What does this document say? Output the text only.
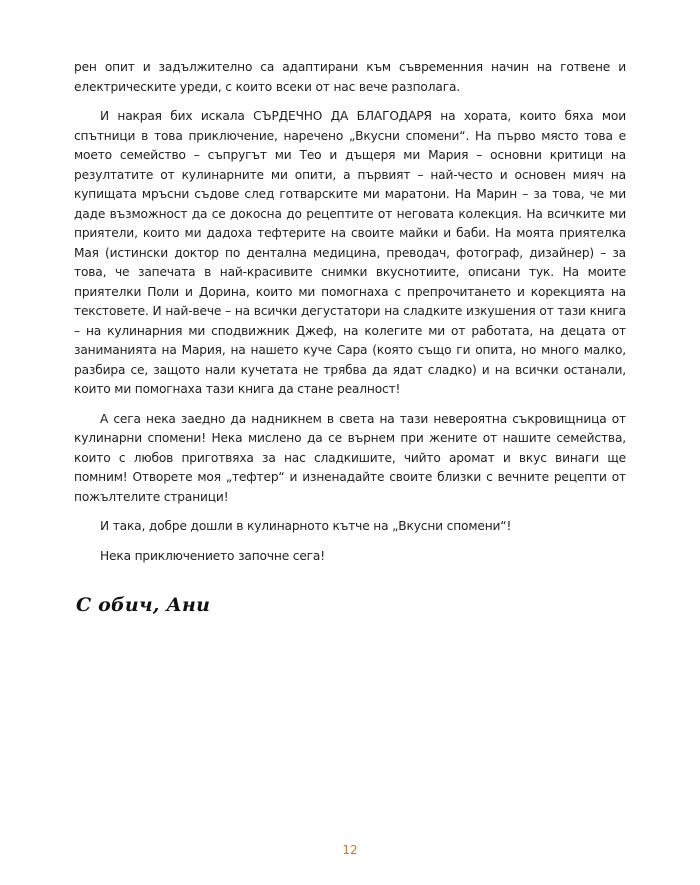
рен опит и задължително са адаптирани към съвременния начин на готвене и електрическите уреди, с които всеки от нас вече разполага.

И накрая бих искала СЪРДЕЧНО ДА БЛАГОДАРЯ на хората, които бяха мои спътници в това приключение, наречено „Вкусни спомени“. На първо място това е моето семейство – съпругът ми Тео и дъщеря ми Мария – основни критици на резултатите от кулинарните ми опити, а първият – най-често и основен мияч на купищата мръсни съдове след готварските ми маратони. На Марин – за това, че ми даде възможност да се докосна до рецептите от неговата колекция. На всичките ми приятели, които ми дадоха тефтерите на своите майки и баби. На моята приятелка Мая (истински доктор по дентална медицина, преводач, фотограф, дизайнер) – за това, че запечата в най-красивите снимки вкуснотиите, описани тук. На моите приятелки Поли и Дорина, които ми помогнаха с препрочитането и корекцията на текстовете. И най-вече – на всички дегустатори на сладките изкушения от тази книга – на кулинарния ми сподвижник Джеф, на колегите ми от работата, на децата от заниманията на Мария, на нашето куче Сара (която също ги опита, но много малко, разбира се, защото нали кучетата не трябва да ядат сладко) и на всички останали, които ми помогнаха тази книга да стане реалност!

А сега нека заедно да надникнем в света на тази невероятна съкровищница от кулинарни спомени! Нека мислено да се върнем при жените от нашите семейства, които с любов приготвяха за нас сладкишите, чийто аромат и вкус винаги ще помним! Отворете моя „тефтер“ и изненадайте своите близки с вечните рецепти от пожълтелите страници!

И така, добре дошли в кулинарното кътче на „Вкусни спомени“!

Нека приключението започне сега!

С обич, Ани
12
